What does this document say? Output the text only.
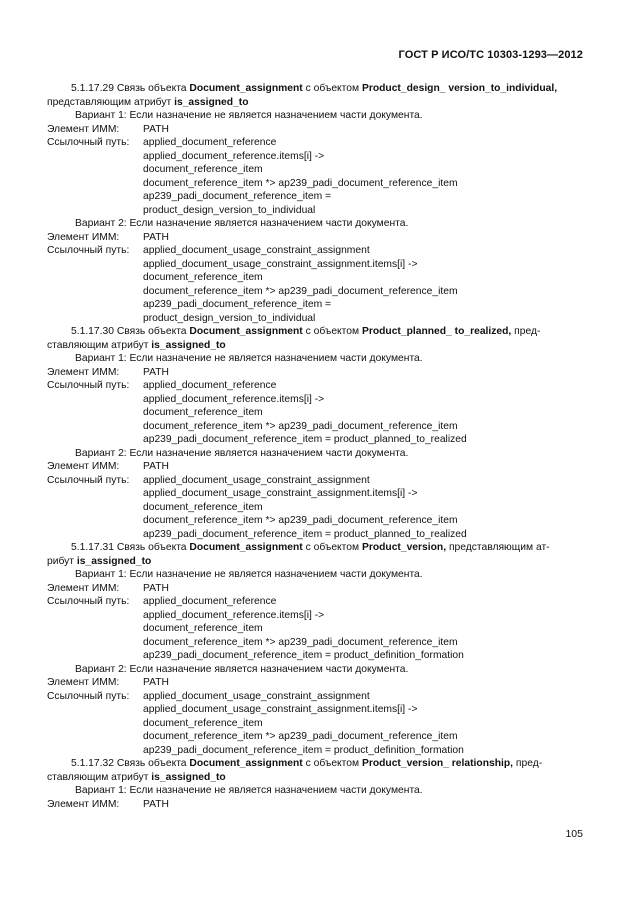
ГОСТ Р ИСО/ТС 10303-1293—2012
5.1.17.29 Связь объекта Document_assignment с объектом Product_design_ version_to_individual,
представляющим атрибут is_assigned_to
Вариант 1: Если назначение не является назначением части документа.
Элемент ИММ:	PATH
Ссылочный путь:	applied_document_reference
applied_document_reference.items[i] ->
document_reference_item
document_reference_item *> ap239_padi_document_reference_item
ap239_padi_document_reference_item =
product_design_version_to_individual
Вариант 2: Если назначение является назначением части документа.
Элемент ИММ:	PATH
Ссылочный путь:	applied_document_usage_constraint_assignment
applied_document_usage_constraint_assignment.items[i] ->
document_reference_item
document_reference_item *> ap239_padi_document_reference_item
ap239_padi_document_reference_item =
product_design_version_to_individual
5.1.17.30 Связь объекта Document_assignment с объектом Product_planned_ to_realized, пред-
ставляющим атрибут is_assigned_to
Вариант 1: Если назначение не является назначением части документа.
Элемент ИММ:	PATH
Ссылочный путь:	applied_document_reference
applied_document_reference.items[i] ->
document_reference_item
document_reference_item *> ap239_padi_document_reference_item
ap239_padi_document_reference_item = product_planned_to_realized
Вариант 2: Если назначение является назначением части документа.
Элемент ИММ:	PATH
Ссылочный путь:	applied_document_usage_constraint_assignment
applied_document_usage_constraint_assignment.items[i] ->
document_reference_item
document_reference_item *> ap239_padi_document_reference_item
ap239_padi_document_reference_item = product_planned_to_realized
5.1.17.31 Связь объекта Document_assignment с объектом Product_version, представляющим ат-
рибут is_assigned_to
Вариант 1: Если назначение не является назначением части документа.
Элемент ИММ:	PATH
Ссылочный путь:	applied_document_reference
applied_document_reference.items[i] ->
document_reference_item
document_reference_item *> ap239_padi_document_reference_item
ap239_padi_document_reference_item = product_definition_formation
Вариант 2: Если назначение является назначением части документа.
Элемент ИММ:	PATH
Ссылочный путь:	applied_document_usage_constraint_assignment
applied_document_usage_constraint_assignment.items[i] ->
document_reference_item
document_reference_item *> ap239_padi_document_reference_item
ap239_padi_document_reference_item = product_definition_formation
5.1.17.32 Связь объекта Document_assignment с объектом Product_version_ relationship, пред-
ставляющим атрибут is_assigned_to
Вариант 1: Если назначение не является назначением части документа.
Элемент ИММ:	PATH
105
